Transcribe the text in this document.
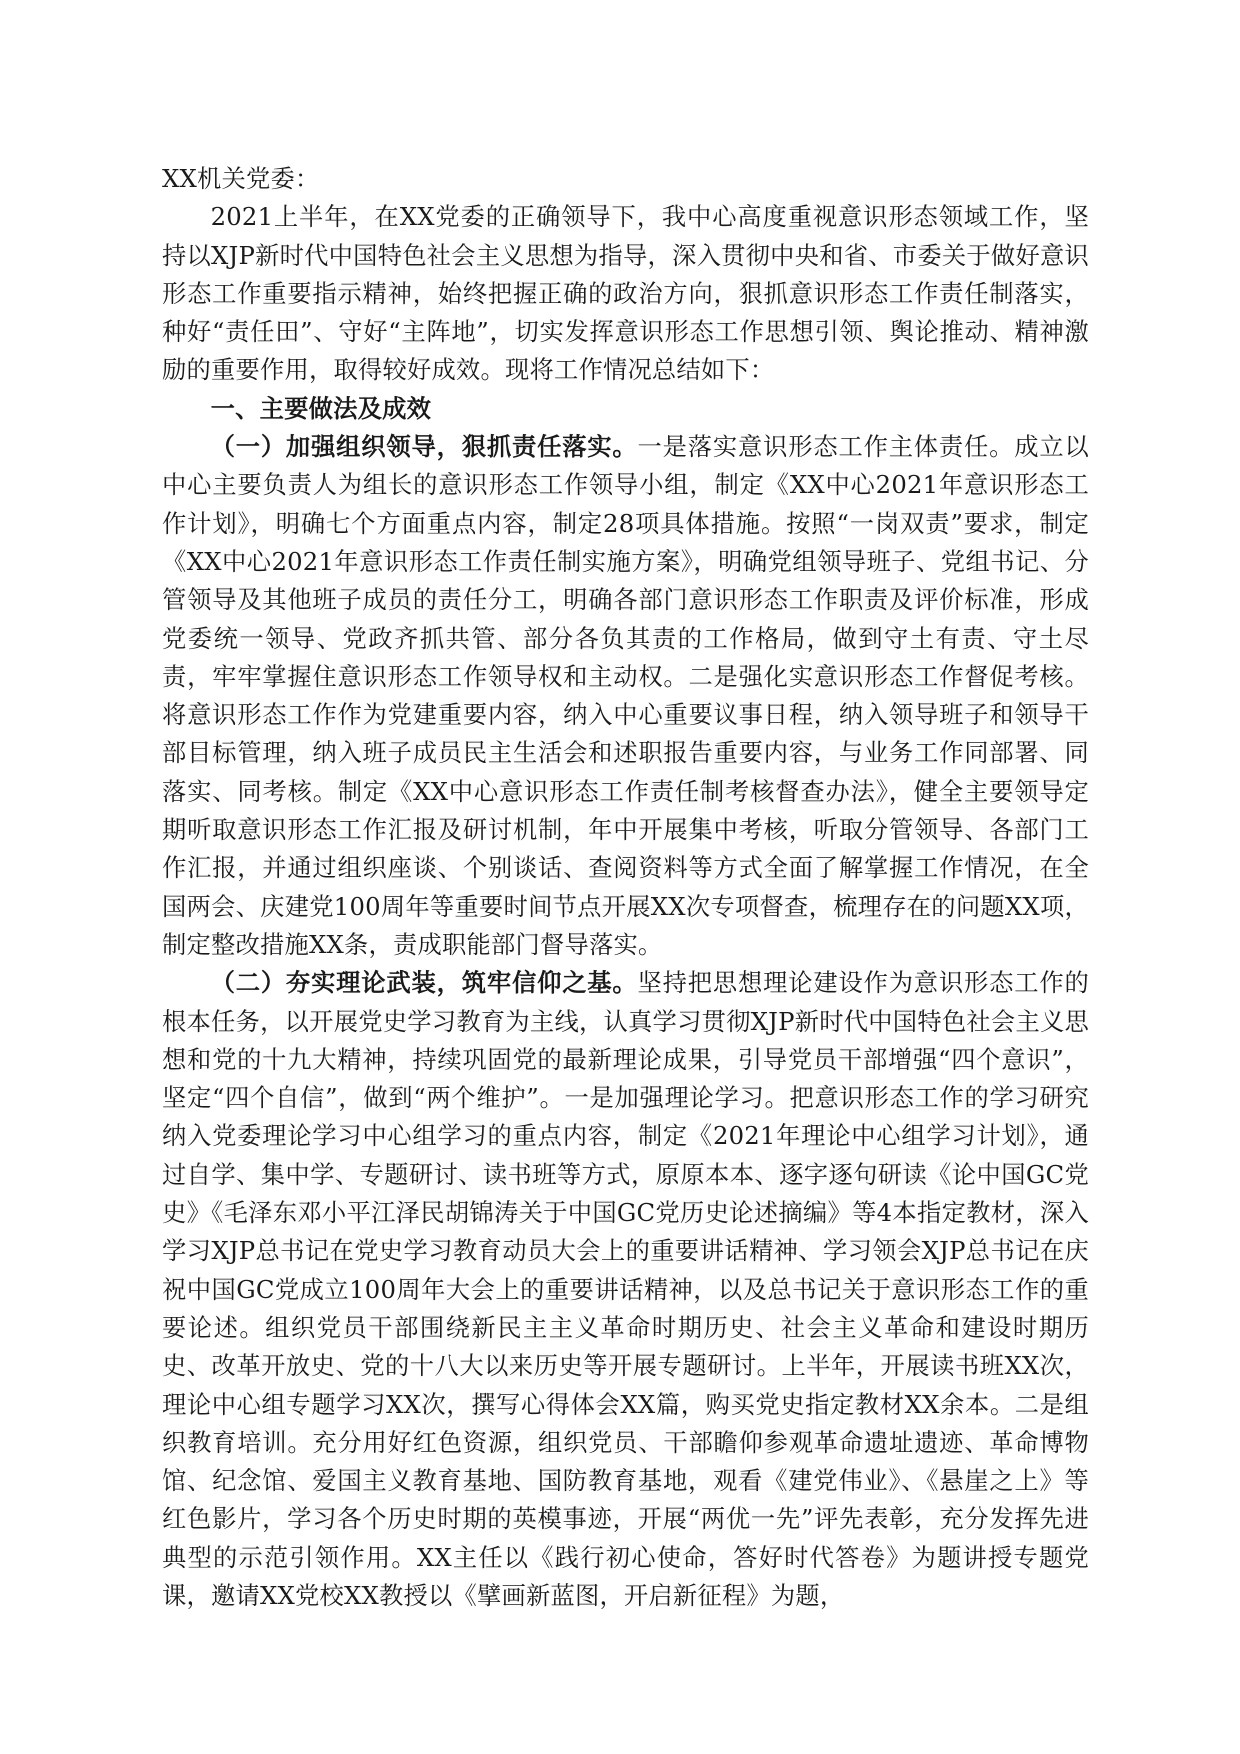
XX机关党委：

2021上半年，在XX党委的正确领导下，我中心高度重视意识形态领域工作，坚持以XJP新时代中国特色社会主义思想为指导，深入贯彻中央和省、市委关于做好意识形态工作重要指示精神，始终把握正确的政治方向，狠抓意识形态工作责任制落实，种好“责任田”、守好“主阵地”，切实发挥意识形态工作思想引领、舆论推动、精神激励的重要作用，取得较好成效。现将工作情况总结如下：

一、主要做法及成效

（一）加强组织领导，狠抓责任落实。一是落实意识形态工作主体责任。成立以中心主要负责人为组长的意识形态工作领导小组，制定《XX中心2021年意识形态工作计划》，明确七个方面重点内容，制定28项具体措施。按照“一岗双责”要求，制定《XX中心2021年意识形态工作责任制实施方案》，明确党组领导班子、党组书记、分管领导及其他班子成员的责任分工，明确各部门意识形态工作职责及评价标准，形成党委统一领导、党政齐抓共管、部分各负其责的工作格局，做到守土有责、守土尽责，牢牢掌握住意识形态工作领导权和主动权。二是强化实意识形态工作督促考核。将意识形态工作作为党建重要内容，纳入中心重要议事日程，纳入领导班子和领导干部目标管理，纳入班子成员民主生活会和述职报告重要内容，与业务工作同部署、同落实、同考核。制定《XX中心意识形态工作责任制考核督查办法》，健全主要领导定期听取意识形态工作汇报及研讨机制，年中开展集中考核，听取分管领导、各部门工作汇报，并通过组织座谈、个别谈话、查阅资料等方式全面了解掌握工作情况，在全国两会、庆建党100周年等重要时间节点开展XX次专项督查，梳理存在的问题XX项，制定整改措施XX条，责成职能部门督导落实。

（二）夯实理论武装，筑牢信仰之基。坚持把思想理论建设作为意识形态工作的根本任务，以开展党史学习教育为主线，认真学习贯彻XJP新时代中国特色社会主义思想和党的十九大精神，持续巩固党的最新理论成果，引导党员干部增强“四个意识”，坚定“四个自信”，做到“两个维护”。一是加强理论学习。把意识形态工作的学习研究纳入党委理论学习中心组学习的重点内容，制定《2021年理论中心组学习计划》，通过自学、集中学、专题研讨、读书班等方式，原原本本、逐字逐句研读《论中国GC党史》《毛泽东邓小平江泽民胡锦涛关于中国GC党历史论述摘编》等4本指定教材，深入学习XJP总书记在党史学习教育动员大会上的重要讲话精神、学习领会XJP总书记在庆祝中国GC党成立100周年大会上的重要讲话精神，以及总书记关于意识形态工作的重要论述。组织党员干部围绕新民主主义革命时期历史、社会主义革命和建设时期历史、改革开放史、党的十八大以来历史等开展专题研讨。上半年，开展读书班XX次，理论中心组专题学习XX次，撰写心得体会XX篇，购买党史指定教材XX余本。二是组织教育培训。充分用好红色资源，组织党员、干部瞻仰参观革命遗址遗迹、革命博物馆、纪念馆、爱国主义教育基地、国防教育基地，观看《建党伟业》、《悬崖之上》等红色影片，学习各个历史时期的英模事迹，开展“两优一先”评先表彰，充分发挥先进典型的示范引领作用。XX主任以《践行初心使命，答好时代答卷》为题讲授专题党课，邀请XX党校XX教授以《擘画新蓝图，开启新征程》为题，
